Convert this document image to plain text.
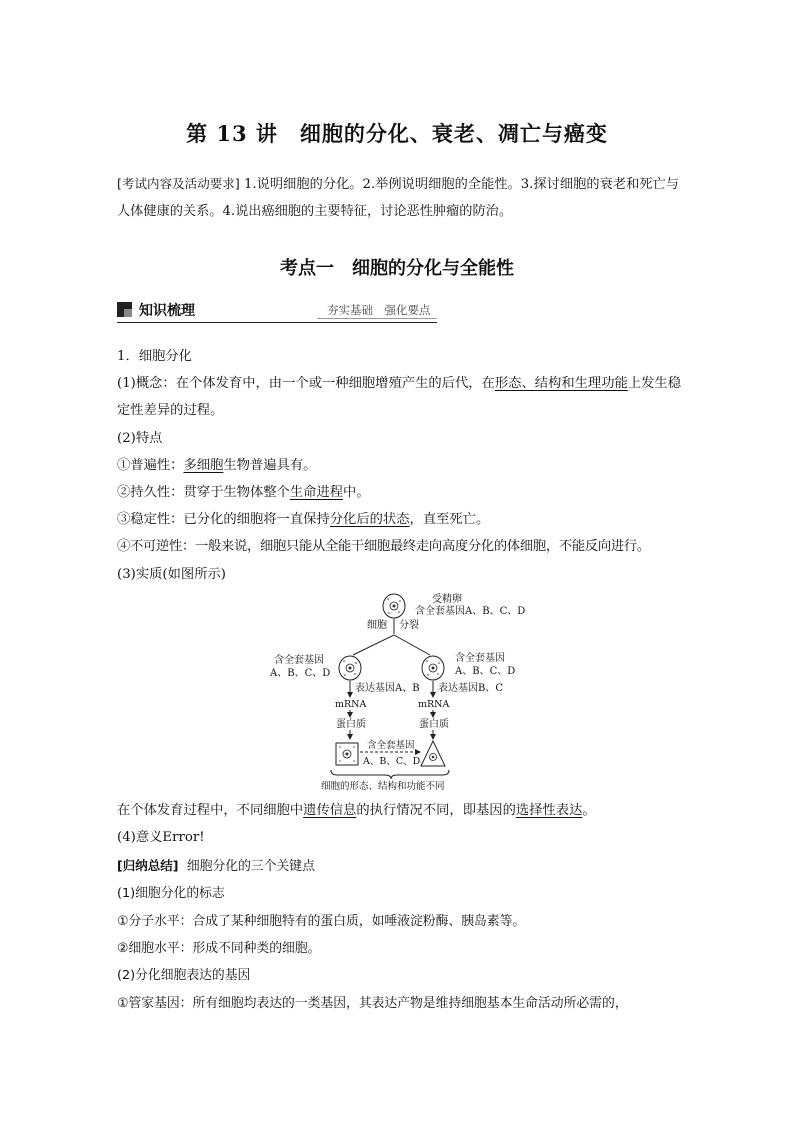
第 13 讲　细胞的分化、衰老、凋亡与癌变
[考试内容及活动要求] 1.说明细胞的分化。2.举例说明细胞的全能性。3.探讨细胞的衰老和死亡与人体健康的关系。4.说出癌细胞的主要特征，讨论恶性肿瘤的防治。
考点一　细胞的分化与全能性
知识梳理	夯实基础　强化要点

1．细胞分化

(1)概念：在个体发育中，由一个或一种细胞增殖产生的后代，在形态、结构和生理功能上发生稳定性差异的过程。

(2)特点

①普遍性：多细胞生物普遍具有。

②持久性：贯穿于生物体整个生命进程中。

③稳定性：已分化的细胞将一直保持分化后的状态，直至死亡。

④不可逆性：一般来说，细胞只能从全能干细胞最终走向高度分化的体细胞，不能反向进行。

(3)实质(如图所示)

受精卵
含全套基因A、B、C、D
细胞 分裂
含全套基因
A、B、C、D
含全套基因
A、B、C、D
表达基因A、B
mRNA
蛋白质
表达基因B、C
mRNA
蛋白质
含全套基因
A、B、C、D
细胞的形态、结构和功能不同

在个体发育过程中，不同细胞中遗传信息的执行情况不同，即基因的选择性表达。

(4)意义Error!

[归纳总结] 细胞分化的三个关键点

(1)细胞分化的标志

①分子水平：合成了某种细胞特有的蛋白质，如唾液淀粉酶、胰岛素等。

②细胞水平：形成不同种类的细胞。

(2)分化细胞表达的基因

①管家基因：所有细胞均表达的一类基因，其表达产物是维持细胞基本生命活动所必需的，
